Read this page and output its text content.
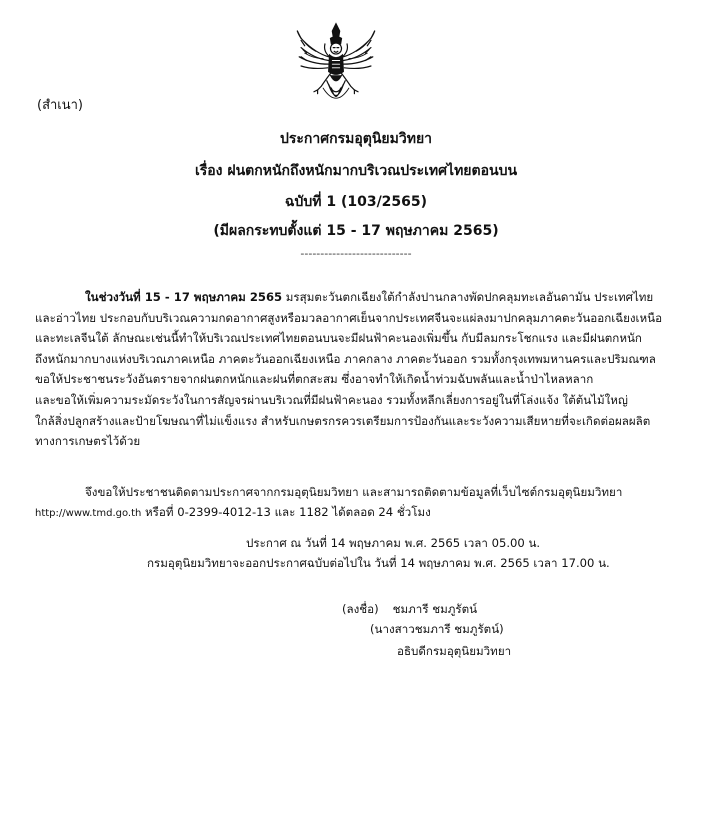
(สำเนา)
ประกาศกรมอุตุนิยมวิทยา
เรื่อง ฝนตกหนักถึงหนักมากบริเวณประเทศไทยตอนบน
ฉบับที่ 1 (103/2565)
(มีผลกระทบตั้งแต่ 15 - 17 พฤษภาคม 2565)
----------------------------
ในช่วงวันที่ 15 - 17 พฤษภาคม 2565 มรสุมตะวันตกเฉียงใต้กำลังปานกลางพัดปกคลุมทะเลอันดามัน ประเทศไทย
และอ่าวไทย ประกอบกับบริเวณความกดอากาศสูงหรือมวลอากาศเย็นจากประเทศจีนจะแผ่ลงมาปกคลุมภาคตะวันออกเฉียงเหนือ
และทะเลจีนใต้ ลักษณะเช่นนี้ทำให้บริเวณประเทศไทยตอนบนจะมีฝนฟ้าคะนองเพิ่มขึ้น กับมีลมกระโชกแรง และมีฝนตกหนัก
ถึงหนักมากบางแห่งบริเวณภาคเหนือ ภาคตะวันออกเฉียงเหนือ ภาคกลาง ภาคตะวันออก รวมทั้งกรุงเทพมหานครและปริมณฑล
ขอให้ประชาชนระวังอันตรายจากฝนตกหนักและฝนที่ตกสะสม ซึ่งอาจทำให้เกิดน้ำท่วมฉับพลันและน้ำป่าไหลหลาก
และขอให้เพิ่มความระมัดระวังในการสัญจรผ่านบริเวณที่มีฝนฟ้าคะนอง รวมทั้งหลีกเลี่ยงการอยู่ในที่โล่งแจ้ง ใต้ต้นไม้ใหญ่
ใกล้สิ่งปลูกสร้างและป้ายโฆษณาที่ไม่แข็งแรง สำหรับเกษตรกรควรเตรียมการป้องกันและระวังความเสียหายที่จะเกิดต่อผลผลิต
ทางการเกษตรไว้ด้วย
จึงขอให้ประชาชนติดตามประกาศจากกรมอุตุนิยมวิทยา และสามารถติดตามข้อมูลที่เว็บไซต์กรมอุตุนิยมวิทยา
http://www.tmd.go.th หรือที่ 0-2399-4012-13 และ 1182 ได้ตลอด 24 ชั่วโมง
ประกาศ ณ วันที่ 14 พฤษภาคม พ.ศ. 2565 เวลา 05.00 น.
กรมอุตุนิยมวิทยาจะออกประกาศฉบับต่อไปใน วันที่ 14 พฤษภาคม พ.ศ. 2565 เวลา 17.00 น.
(ลงชื่อ) ชมภารี ชมภูรัตน์
(นางสาวชมภารี ชมภูรัตน์)
อธิบดีกรมอุตุนิยมวิทยา
